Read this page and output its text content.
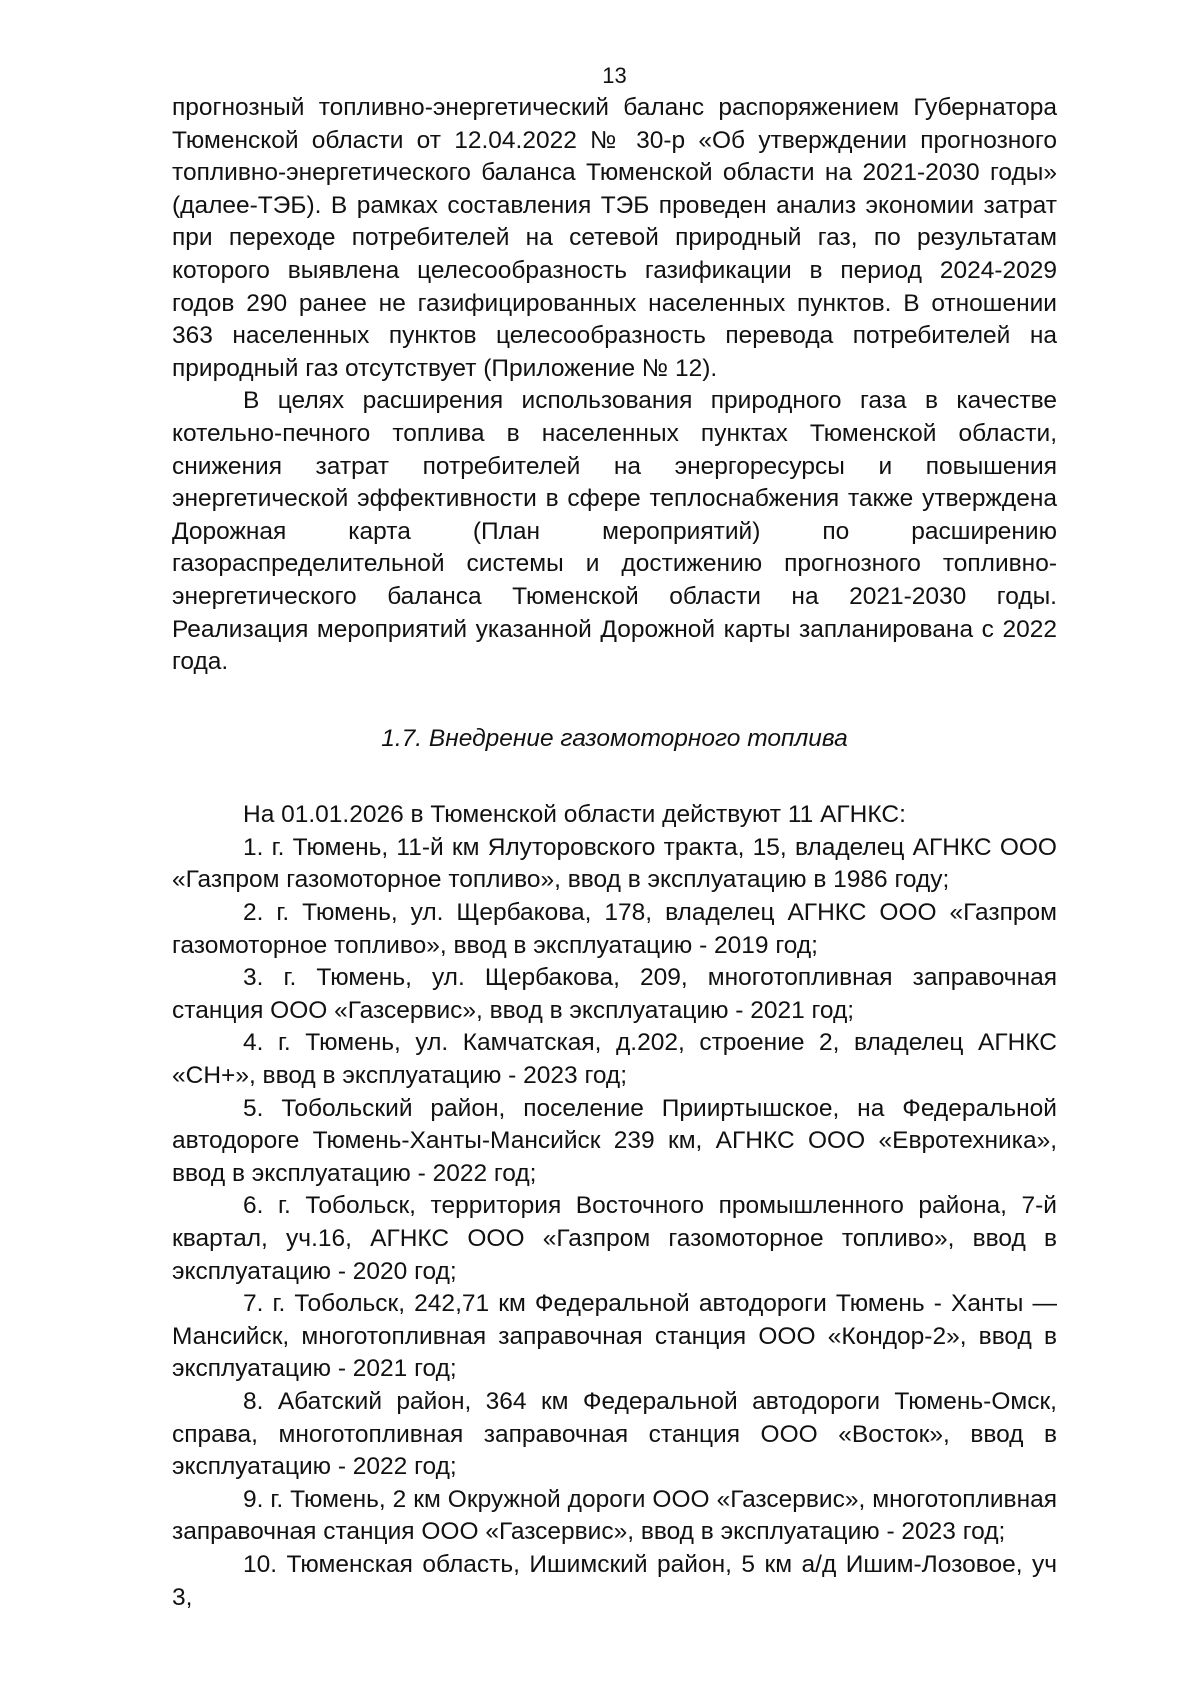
13

прогнозный топливно-энергетический баланс распоряжением Губернатора Тюменской области от 12.04.2022 № 30-р «Об утверждении прогнозного топливно-энергетического баланса Тюменской области на 2021-2030 годы» (далее-ТЭБ). В рамках составления ТЭБ проведен анализ экономии затрат при переходе потребителей на сетевой природный газ, по результатам которого выявлена целесообразность газификации в период 2024-2029 годов 290 ранее не газифицированных населенных пунктов. В отношении 363 населенных пунктов целесообразность перевода потребителей на природный газ отсутствует (Приложение № 12).

В целях расширения использования природного газа в качестве котельно-печного топлива в населенных пунктах Тюменской области, снижения затрат потребителей на энергоресурсы и повышения энергетической эффективности в сфере теплоснабжения также утверждена Дорожная карта (План мероприятий) по расширению газораспределительной системы и достижению прогнозного топливно-энергетического баланса Тюменской области на 2021-2030 годы. Реализация мероприятий указанной Дорожной карты запланирована с 2022 года.

1.7. Внедрение газомоторного топлива

На 01.01.2026 в Тюменской области действуют 11 АГНКС:

1. г. Тюмень, 11-й км Ялуторовского тракта, 15, владелец АГНКС ООО «Газпром газомоторное топливо», ввод в эксплуатацию в 1986 году;

2. г. Тюмень, ул. Щербакова, 178, владелец АГНКС ООО «Газпром газомоторное топливо», ввод в эксплуатацию - 2019 год;

3. г. Тюмень, ул. Щербакова, 209, многотопливная заправочная станция ООО «Газсервис», ввод в эксплуатацию - 2021 год;

4. г. Тюмень, ул. Камчатская, д.202, строение 2, владелец АГНКС «СН+», ввод в эксплуатацию - 2023 год;

5. Тобольский район, поселение Прииртышское, на Федеральной автодороге Тюмень-Ханты-Мансийск 239 км, АГНКС ООО «Евротехника», ввод в эксплуатацию - 2022 год;

6. г. Тобольск, территория Восточного промышленного района, 7-й квартал, уч.16, АГНКС ООО «Газпром газомоторное топливо», ввод в эксплуатацию - 2020 год;

7. г. Тобольск, 242,71 км Федеральной автодороги Тюмень - Ханты — Мансийск, многотопливная заправочная станция ООО «Кондор-2», ввод в эксплуатацию - 2021 год;

8. Абатский район, 364 км Федеральной автодороги Тюмень-Омск, справа, многотопливная заправочная станция ООО «Восток», ввод в эксплуатацию - 2022 год;

9. г. Тюмень, 2 км Окружной дороги ООО «Газсервис», многотопливная заправочная станция ООО «Газсервис», ввод в эксплуатацию - 2023 год;

10. Тюменская область, Ишимский район, 5 км а/д Ишим-Лозовое, уч 3,
